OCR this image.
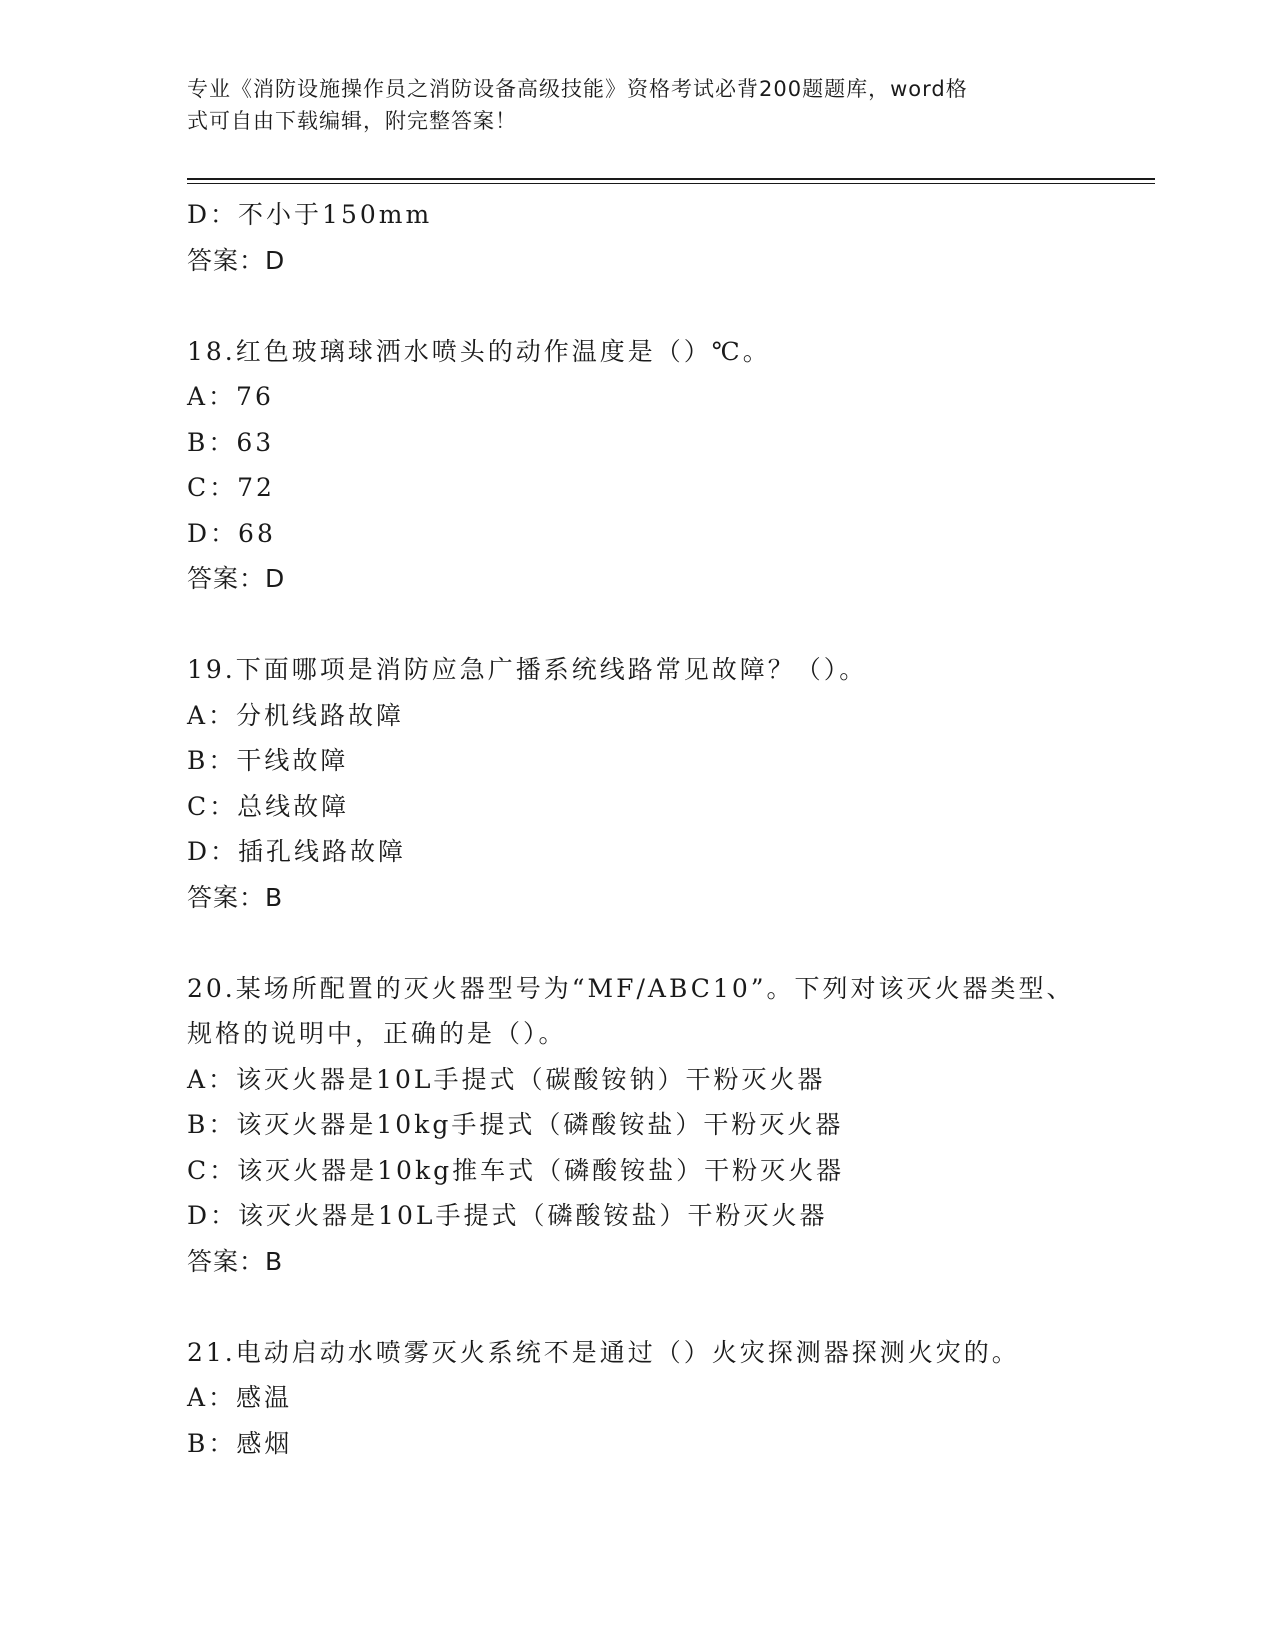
专业《消防设施操作员之消防设备高级技能》资格考试必背200题题库，word格
式可自由下载编辑，附完整答案！
D：不小于150mm
答案：D
18.红色玻璃球洒水喷头的动作温度是（）℃。
A：76
B：63
C：72
D：68
答案：D
19.下面哪项是消防应急广播系统线路常见故障？（）。
A：分机线路故障
B：干线故障
C：总线故障
D：插孔线路故障
答案：B
20.某场所配置的灭火器型号为“MF/ABC10”。下列对该灭火器类型、
规格的说明中，正确的是（）。
A：该灭火器是10L手提式（碳酸铵钠）干粉灭火器
B：该灭火器是10kg手提式（磷酸铵盐）干粉灭火器
C：该灭火器是10kg推车式（磷酸铵盐）干粉灭火器
D：该灭火器是10L手提式（磷酸铵盐）干粉灭火器
答案：B
21.电动启动水喷雾灭火系统不是通过（）火灾探测器探测火灾的。
A：感温
B：感烟
